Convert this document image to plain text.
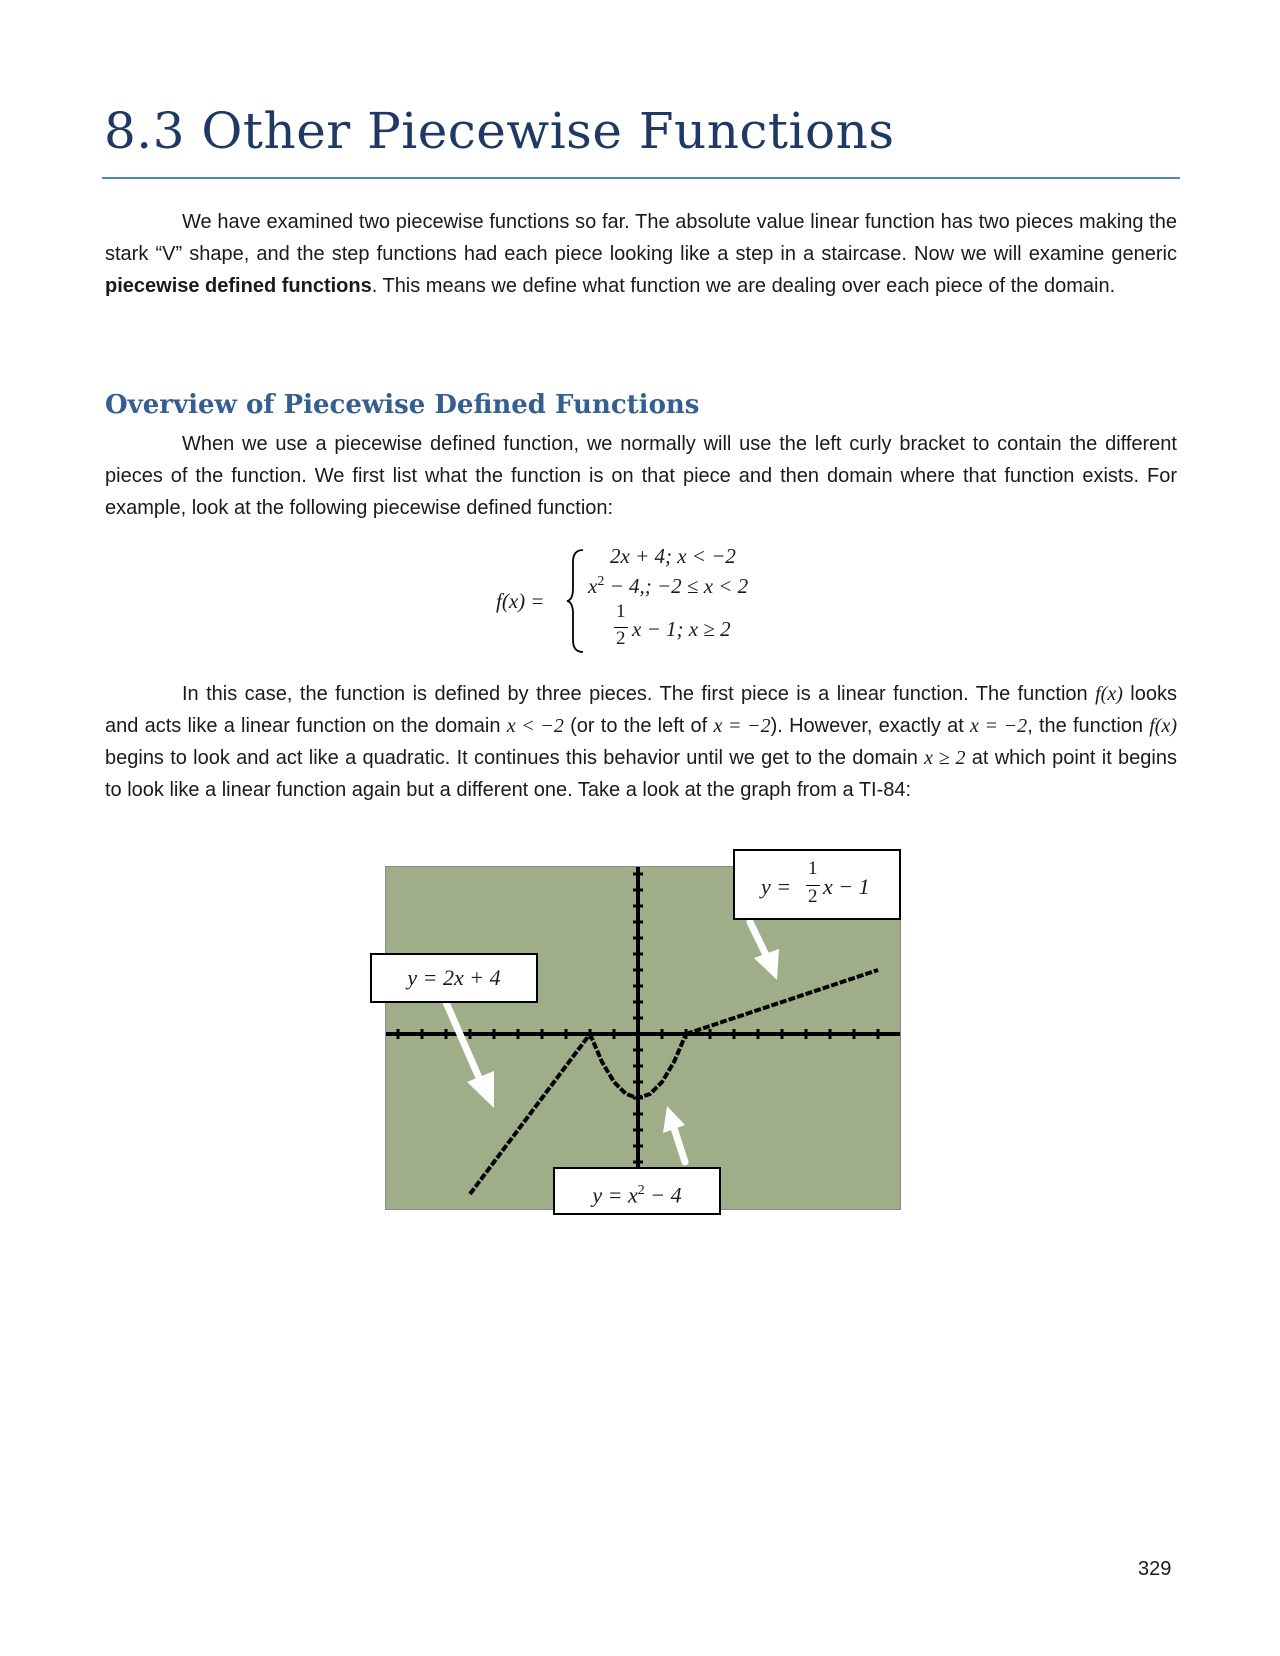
8.3 Other Piecewise Functions

We have examined two piecewise functions so far. The absolute value linear function has two pieces making the stark “V” shape, and the step functions had each piece looking like a step in a staircase. Now we will examine generic piecewise defined functions. This means we define what function we are dealing over each piece of the domain.

Overview of Piecewise Defined Functions

When we use a piecewise defined function, we normally will use the left curly bracket to contain the different pieces of the function. We first list what the function is on that piece and then domain where that function exists. For example, look at the following piecewise defined function:

f(x) =
2x + 4; x < −2
$x^2 - 4$,; −2 ≤ x < 2
1
2 x − 1; x ≥ 2

In this case, the function is defined by three pieces. The first piece is a linear function. The function f(x) looks and acts like a linear function on the domain x < −2 (or to the left of x = −2). However, exactly at x = −2, the function f(x) begins to look and act like a quadratic. It continues this behavior until we get to the domain x ≥ 2 at which point it begins to look like a linear function again but a different one. Take a look at the graph from a TI-84:

y = 2x + 4
$y = x^2 - 4$
y =
1
2 x − 1
329
